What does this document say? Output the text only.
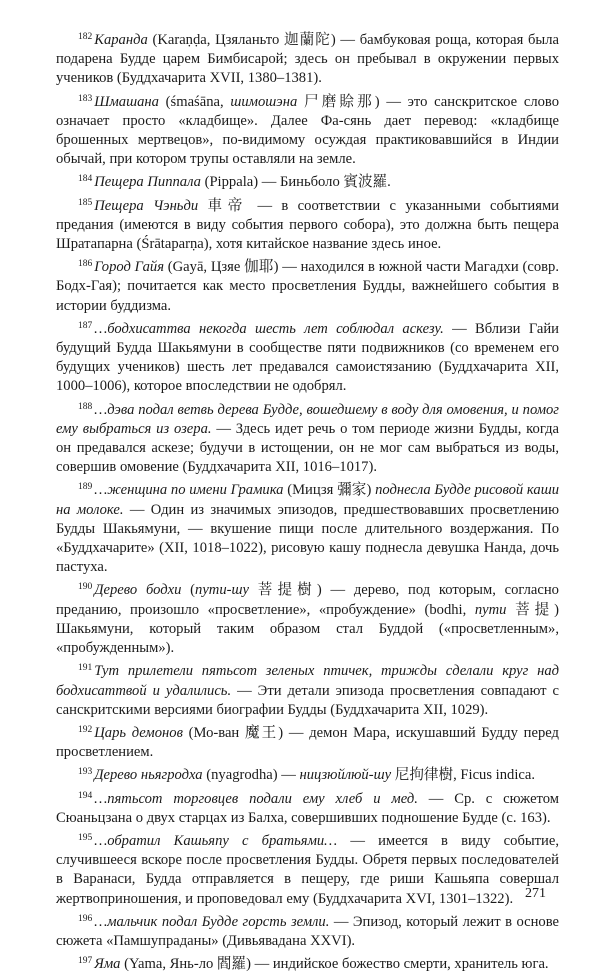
$^{182}$ Каранда (Karaṇḍa, Цзяланьто 迦蘭陀) — бамбуковая роща, которая была подарена Будде царем Бимбисарой; здесь он пребывал в окружении первых учеников (Буддхачарита XVII, 1380–1381).

$^{183}$ Шмашана (śmaśāna, шимошэна 尸磨賒那) — это санскритское слово означает просто «кладбище». Далее Фа-сянь дает перевод: «кладбище брошенных мертвецов», по-видимому осуждая практиковавшийся в Индии обычай, при котором трупы оставляли на земле.

$^{184}$ Пещера Пиппала (Pippala) — Биньболо 賓波羅.

$^{185}$ Пещера Чэньди 車帝 — в соответствии с указанными событиями предания (имеются в виду события первого собора), это должна быть пещера Шратапарна (Śrātaparṇa), хотя китайское название здесь иное.

$^{186}$ Город Гайя (Gayā, Цзяе 伽耶) — находился в южной части Магадхи (совр. Бодх-Гая); почитается как место просветления Будды, важнейшего события в истории буддизма.

$^{187}$ …бодхисаттва некогда шесть лет соблюдал аскезу. — Вблизи Гайи будущий Будда Шакьямуни в сообществе пяти подвижников (со временем его будущих учеников) шесть лет предавался самоистязанию (Буддхачарита XII, 1000–1006), которое впоследствии не одобрял.

$^{188}$ …дэва подал ветвь дерева Будде, вошедшему в воду для омовения, и помог ему выбраться из озера. — Здесь идет речь о том периоде жизни Будды, когда он предавался аскезе; будучи в истощении, он не мог сам выбраться из воды, совершив омовение (Буддхачарита XII, 1016–1017).

$^{189}$ …женщина по имени Грамика (Мицзя 彌家) поднесла Будде рисовой каши на молоке. — Один из значимых эпизодов, предшествовавших просветлению Будды Шакьямуни, — вкушение пищи после длительного воздержания. По «Буддхачарите» (XII, 1018–1022), рисовую кашу поднесла девушка Нанда, дочь пастуха.

$^{190}$ Дерево бодхи (пути-шу 菩提樹) — дерево, под которым, согласно преданию, произошло «просветление», «пробуждение» (bodhi, пути 菩提) Шакьямуни, который таким образом стал Буддой («просветленным», «пробужденным»).

$^{191}$ Тут прилетели пятьсот зеленых птичек, трижды сделали круг над бодхисаттвой и удалились. — Эти детали эпизода просветления совпадают с санскритскими версиями биографии Будды (Буддхачарита XII, 1029).

$^{192}$ Царь демонов (Мо-ван 魔王) — демон Мара, искушавший Будду перед просветлением.

$^{193}$ Дерево ньягродха (nyagrodha) — ницзюйлюй-шу 尼拘律樹, Ficus indica.

$^{194}$ …пятьсот торговцев подали ему хлеб и мед. — Ср. с сюжетом Сюаньцзана о двух старцах из Балха, совершивших подношение Будде (с. 163).

$^{195}$ …обратил Кашьяпу с братьями… — имеется в виду событие, случившееся вскоре после просветления Будды. Обретя первых последователей в Варанаси, Будда отправляется в пещеру, где риши Кашьяпа совершал жертвоприношения, и проповедовал ему (Буддхачарита XVI, 1301–1322).

$^{196}$ …мальчик подал Будде горсть земли. — Эпизод, который лежит в основе сюжета «Памшупраданы» (Дивьявадана XXVI).

$^{197}$ Яма (Yama, Янь-ло 閻羅) — индийское божество смерти, хранитель юга.

271
